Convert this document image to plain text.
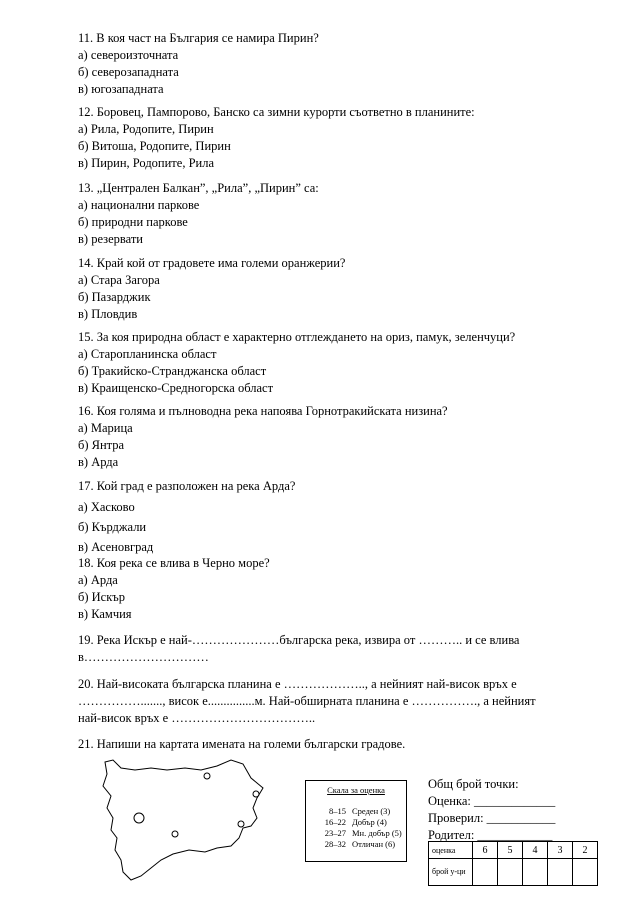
11. В коя част на България се намира Пирин?
а) североизточната
б) северозападната
в) югозападната
12. Боровец, Пампорово, Банско са зимни курорти съответно в планините:
а) Рила, Родопите, Пирин
б) Витоша, Родопите, Пирин
в) Пирин, Родопите, Рила
13. „Централен Балкан”, „Рила”, „Пирин” са:
а) национални паркове
б) природни паркове
в) резервати
14. Край кой от градовете има големи оранжерии?
а) Стара Загора
б) Пазарджик
в) Пловдив
15. За коя природна област е характерно отглеждането на ориз, памук, зеленчуци?
а) Старопланинска област
б) Тракийско-Странджанска област
в) Краищенско-Средногорска област
16. Коя голяма и пълноводна река напоява Горнотракийската низина?
а) Марица
б) Янтра
в) Арда
17. Кой град е разположен на река Арда?
а) Хасково
б) Кърджали
в) Асеновград
18. Коя река се влива в Черно море?
а) Арда
б) Искър
в) Камчия
19. Река Искър е най-…………………българска река, извира от ……….. и се влива в…………………………
20. Най-високата българска планина е ……………….., а нейният най-висок връх е ……………......., висок е...............м. Най-обширната планина е ……………., а нейният най-висок връх е ……………………………..
21. Напиши на картата имената на големи български градове.
Скала за оценка
8–15 Среден (3)
16–22 Добър (4)
23–27 Мн. добър (5)
28–32 Отличан (6)
Общ брой точки:
Оценка: _____________
Проверил: ___________
Родител: ____________
оценка	6	5	4	3	2
брой у-ци					
